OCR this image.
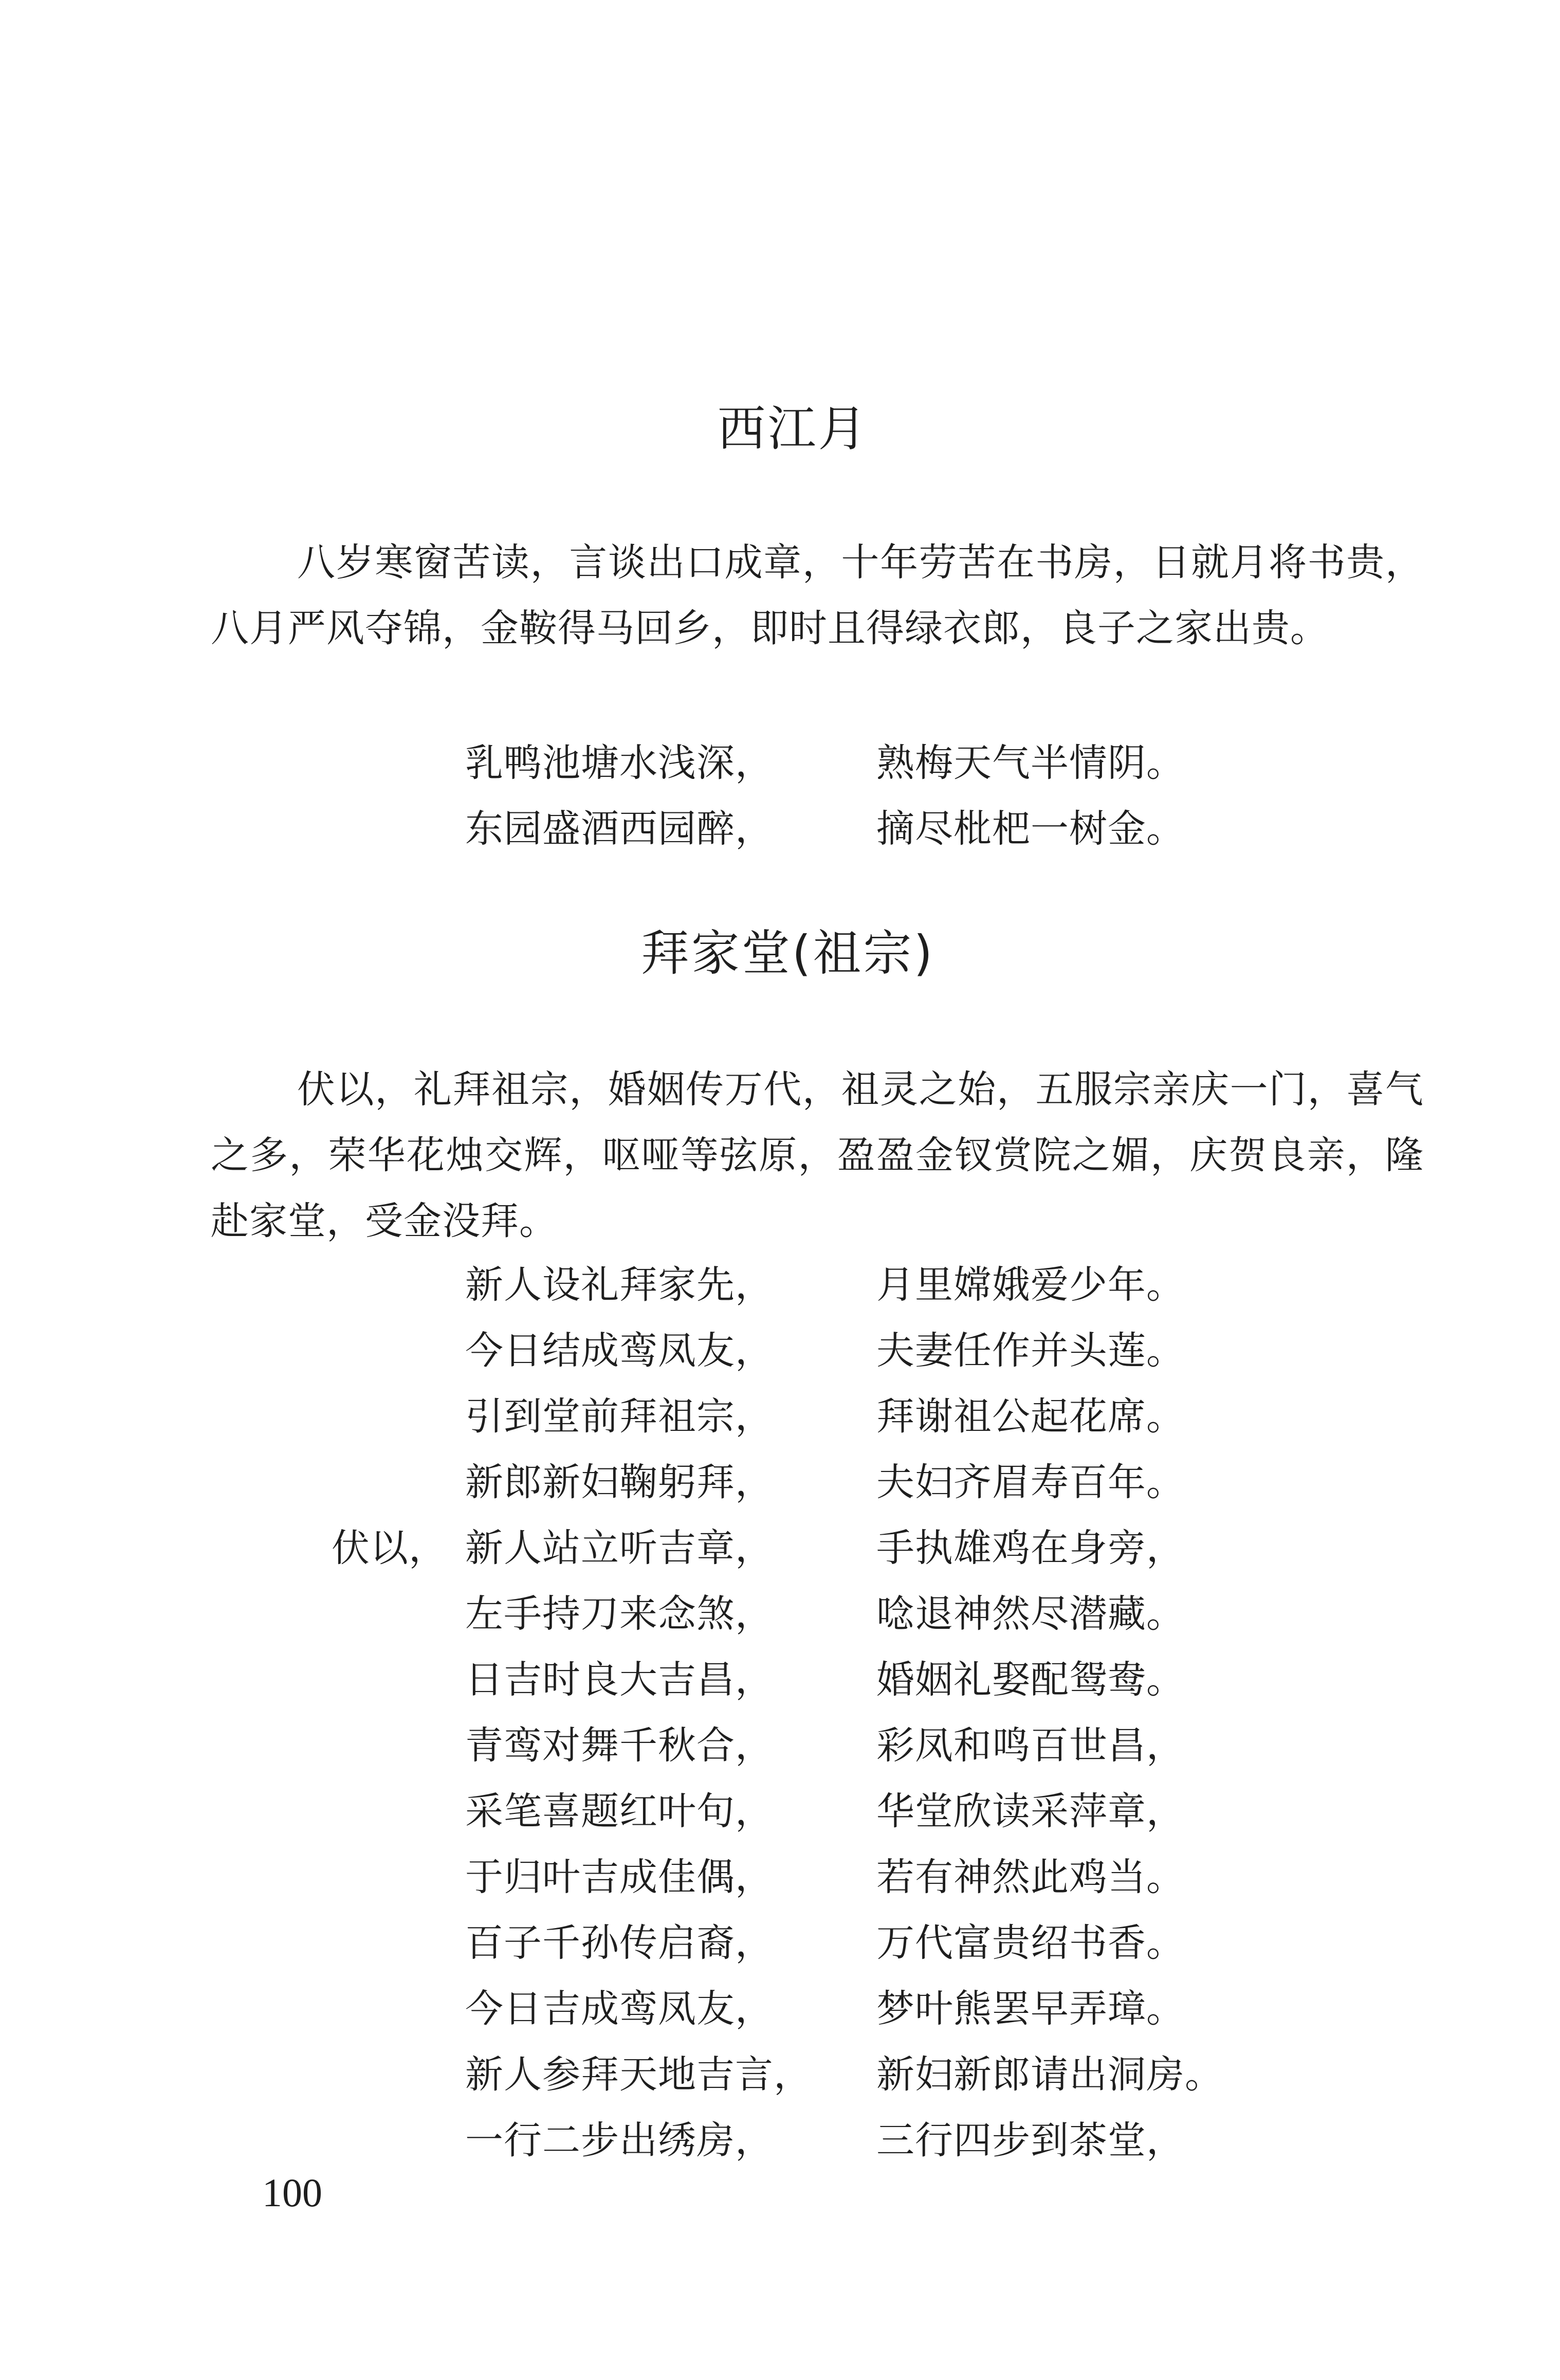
西江月
八岁寒窗苦读，言谈出口成章，十年劳苦在书房，日就月将书贵，八月严风夺锦，金鞍得马回乡，即时且得绿衣郎，良子之家出贵。
乳鸭池塘水浅深，	熟梅天气半情阴。
东园盛酒西园醉，	摘尽枇杷一树金。
拜家堂(祖宗)
伏以，礼拜祖宗，婚姻传万代，祖灵之始，五服宗亲庆一门，喜气之多，荣华花烛交辉，呕哑等弦原，盈盈金钗赏院之媚，庆贺良亲，隆赴家堂，受金没拜。
新人设礼拜家先，	月里嫦娥爱少年。
今日结成鸾凤友，	夫妻任作并头莲。
引到堂前拜祖宗，	拜谢祖公起花席。
新郎新妇鞠躬拜，	夫妇齐眉寿百年。
伏以， 新人站立听吉章，	手执雄鸡在身旁，
左手持刀来念煞，	唸退神然尽潜藏。
日吉时良大吉昌，	婚姻礼娶配鸳鸯。
青鸾对舞千秋合，	彩凤和鸣百世昌，
采笔喜题红叶句，	华堂欣读采萍章，
于归叶吉成佳偶，	若有神然此鸡当。
百子千孙传启裔，	万代富贵绍书香。
今日吉成鸾凤友，	梦叶熊罢早弄璋。
新人参拜天地吉言， 新妇新郎请出洞房。
一行二步出绣房，	三行四步到茶堂，
100
